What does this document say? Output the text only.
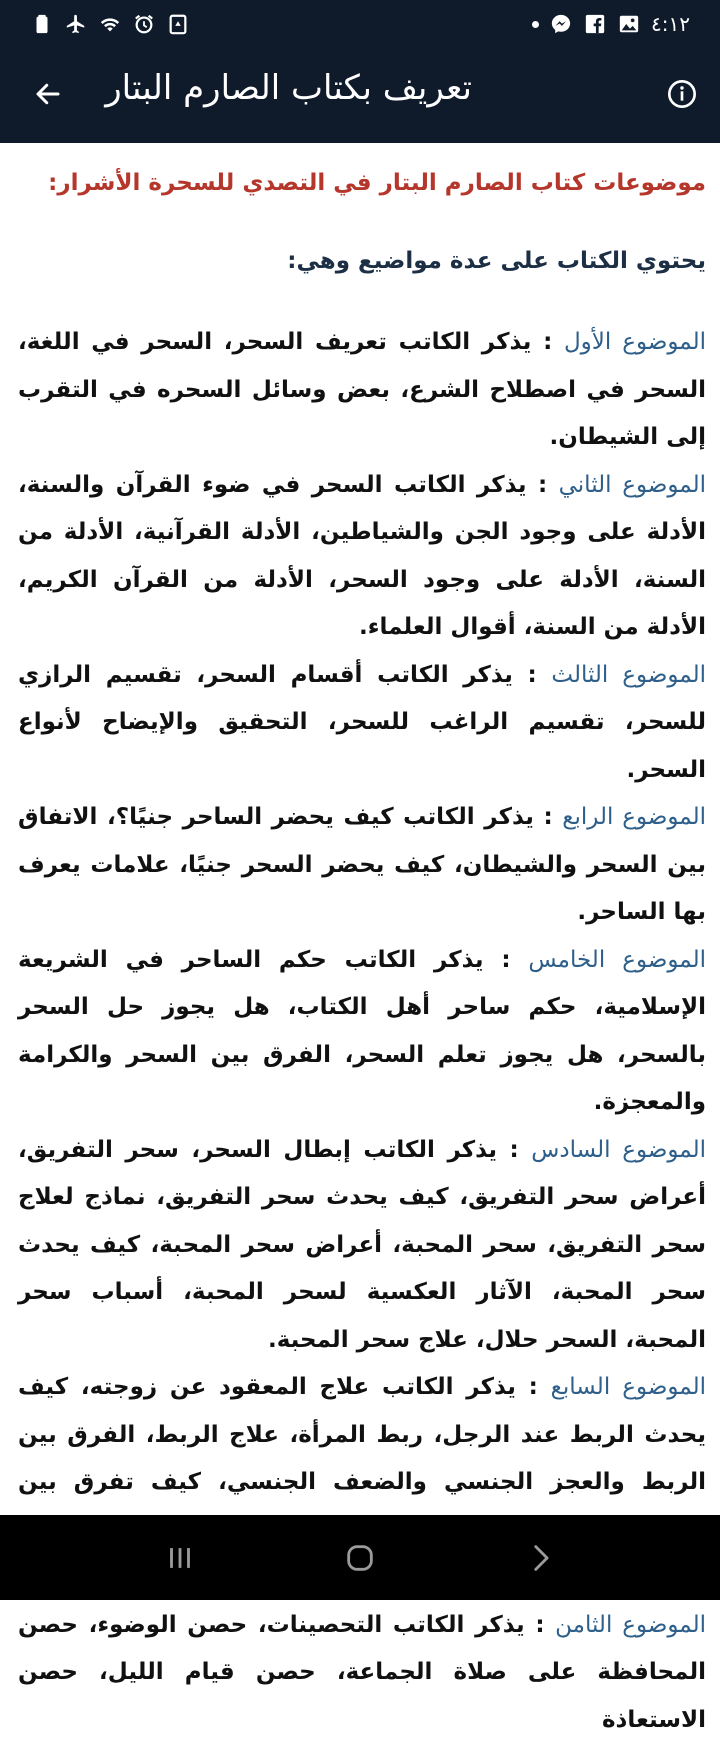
٤:١٢
تعريف بكتاب الصارم البتار
موضوعات كتاب الصارم البتار في التصدي للسحرة الأشرار:
يحتوي الكتاب على عدة مواضيع وهي:

الموضوع الأول : يذكر الكاتب تعريف السحر، السحر في اللغة، السحر في اصطلاح الشرع، بعض وسائل السحره في التقرب إلى الشيطان.

الموضوع الثاني : يذكر الكاتب السحر في ضوء القرآن والسنة، الأدلة على وجود الجن والشياطين، الأدلة القرآنية، الأدلة من السنة، الأدلة على وجود السحر، الأدلة من القرآن الكريم، الأدلة من السنة، أقوال العلماء.

الموضوع الثالث : يذكر الكاتب أقسام السحر، تقسيم الرازي للسحر، تقسيم الراغب للسحر، التحقيق والإيضاح لأنواع السحر.

الموضوع الرابع : يذكر الكاتب كيف يحضر الساحر جنيًا؟، الاتفاق بين السحر والشيطان، كيف يحضر السحر جنيًا، علامات يعرف بها الساحر.

الموضوع الخامس : يذكر الكاتب حكم الساحر في الشريعة الإسلامية، حكم ساحر أهل الكتاب، هل يجوز حل السحر بالسحر، هل يجوز تعلم السحر، الفرق بين السحر والكرامة والمعجزة.

الموضوع السادس : يذكر الكاتب إبطال السحر، سحر التفريق، أعراض سحر التفريق، كيف يحدث سحر التفريق، نماذج لعلاج سحر التفريق، سحر المحبة، أعراض سحر المحبة، كيف يحدث سحر المحبة، الآثار العكسية لسحر المحبة، أسباب سحر المحبة، السحر حلال، علاج سحر المحبة.

الموضوع السابع : يذكر الكاتب علاج المعقود عن زوجته، كيف يحدث الربط عند الرجل، ربط المرأة، علاج الربط، الفرق بين الربط والعجز الجنسي والضعف الجنسي، كيف تفرق بين

الموضوع الثامن : يذكر الكاتب التحصينات، حصن الوضوء، حصن المحافظة على صلاة الجماعة، حصن قيام الليل، حصن الاستعاذة
